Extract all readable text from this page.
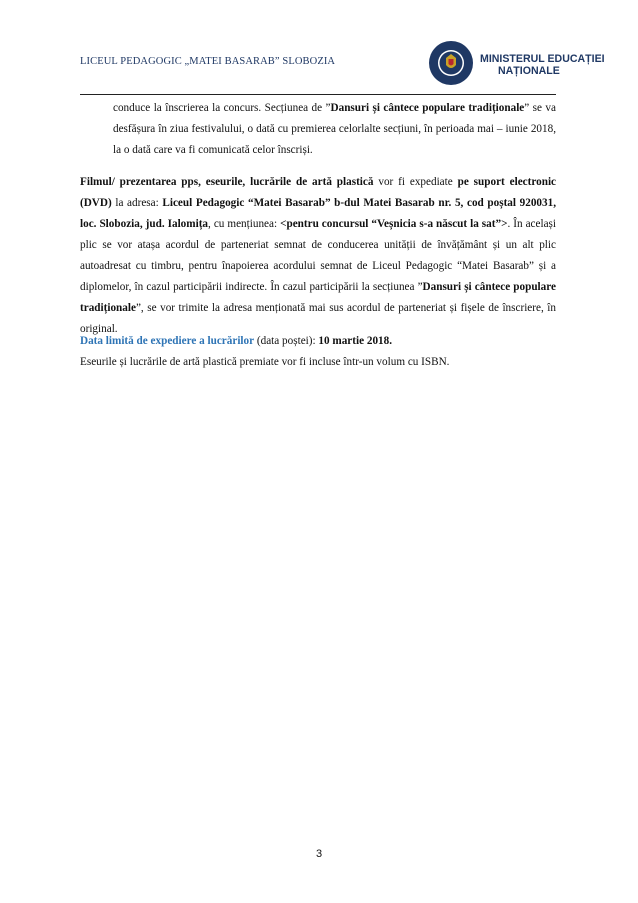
LICEUL PEDAGOGIC „MATEI BASARAB” SLOBOZIA	MINISTERUL EDUCAȚIEI
NAȚIONALE
conduce la înscrierea la concurs. Secțiunea de ”Dansuri și cântece populare tradiționale” se va desfășura în ziua festivalului, o dată cu premierea celorlalte secțiuni, în perioada mai – iunie 2018, la o dată care va fi comunicată celor înscriși.
Filmul/ prezentarea pps, eseurile, lucrările de artă plastică vor fi expediate pe suport electronic (DVD) la adresa: Liceul Pedagogic “Matei Basarab” b-dul Matei Basarab nr. 5, cod poștal 920031, loc. Slobozia, jud. Ialomița, cu mențiunea: <pentru concursul “Veșnicia s-a născut la sat”>. În același plic se vor atașa acordul de parteneriat semnat de conducerea unității de învățământ și un alt plic autoadresat cu timbru, pentru înapoierea acordului semnat de Liceul Pedagogic “Matei Basarab” și a diplomelor, în cazul participării indirecte. În cazul participării la secțiunea ”Dansuri și cântece populare tradiționale”, se vor trimite la adresa menționată mai sus acordul de parteneriat și fișele de înscriere, în original.
Data limită de expediere a lucrărilor (data poștei): 10 martie 2018.
Eseurile și lucrările de artă plastică premiate vor fi incluse într-un volum cu ISBN.
3
